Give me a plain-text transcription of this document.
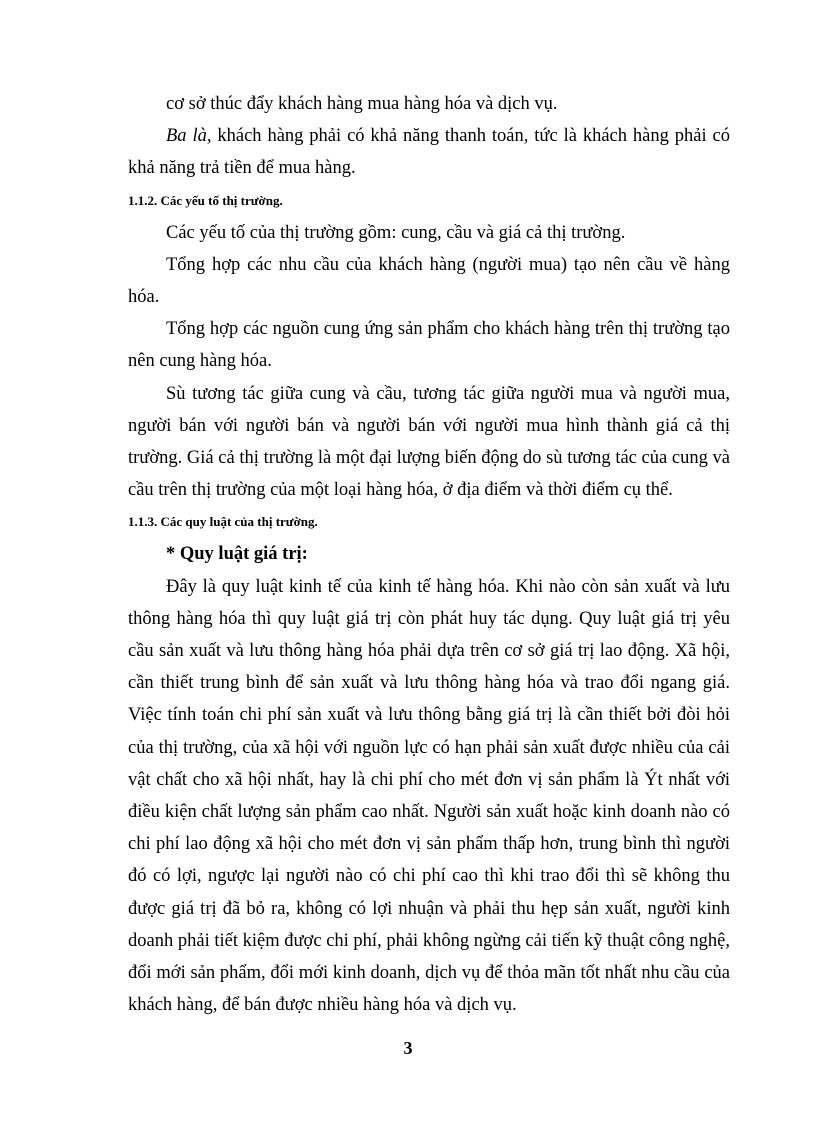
cơ sở thúc đẩy khách hàng mua hàng hóa và dịch vụ.

Ba là, khách hàng phải có khả năng thanh toán, tức là khách hàng phải có khả năng trả tiền để mua hàng.

1.1.2. Các yếu tố thị trường.

Các yếu tố của thị trường gồm: cung, cầu và giá cả thị trường.

Tổng hợp các nhu cầu của khách hàng (người mua) tạo nên cầu về hàng hóa.

Tổng hợp các nguồn cung ứng sản phẩm cho khách hàng trên thị trường tạo nên cung hàng hóa.

Sù tương tác giữa cung và cầu, tương tác giữa người mua và người mua, người bán với người bán và người bán với người mua hình thành giá cả thị trường. Giá cả thị trường là một đại lượng biến động do sù tương tác của cung và cầu trên thị trường của một loại hàng hóa, ở địa điểm và thời điểm cụ thể.

1.1.3. Các quy luật của thị trường.

* Quy luật giá trị:

Đây là quy luật kinh tế của kinh tế hàng hóa. Khi nào còn sản xuất và lưu thông hàng hóa thì quy luật giá trị còn phát huy tác dụng. Quy luật giá trị yêu cầu sản xuất và lưu thông hàng hóa phải dựa trên cơ sở giá trị lao động. Xã hội, cần thiết trung bình để sản xuất và lưu thông hàng hóa và trao đổi ngang giá. Việc tính toán chi phí sản xuất và lưu thông bằng giá trị là cần thiết bởi đòi hỏi của thị trường, của xã hội với nguồn lực có hạn phải sản xuất được nhiều của cải vật chất cho xã hội nhất, hay là chi phí cho mét đơn vị sản phẩm là Ýt nhất với điều kiện chất lượng sản phẩm cao nhất. Người sản xuất hoặc kinh doanh nào có chi phí lao động xã hội cho mét đơn vị sản phẩm thấp hơn, trung bình thì người đó có lợi, ngược lại người nào có chi phí cao thì khi trao đổi thì sẽ không thu được giá trị đã bỏ ra, không có lợi nhuận và phải thu hẹp sản xuất, người kinh doanh phải tiết kiệm được chi phí, phải không ngừng cải tiến kỹ thuật công nghệ, đổi mới sản phẩm, đổi mới kinh doanh, dịch vụ để thỏa mãn tốt nhất nhu cầu của khách hàng, để bán được nhiều hàng hóa và dịch vụ.

3
